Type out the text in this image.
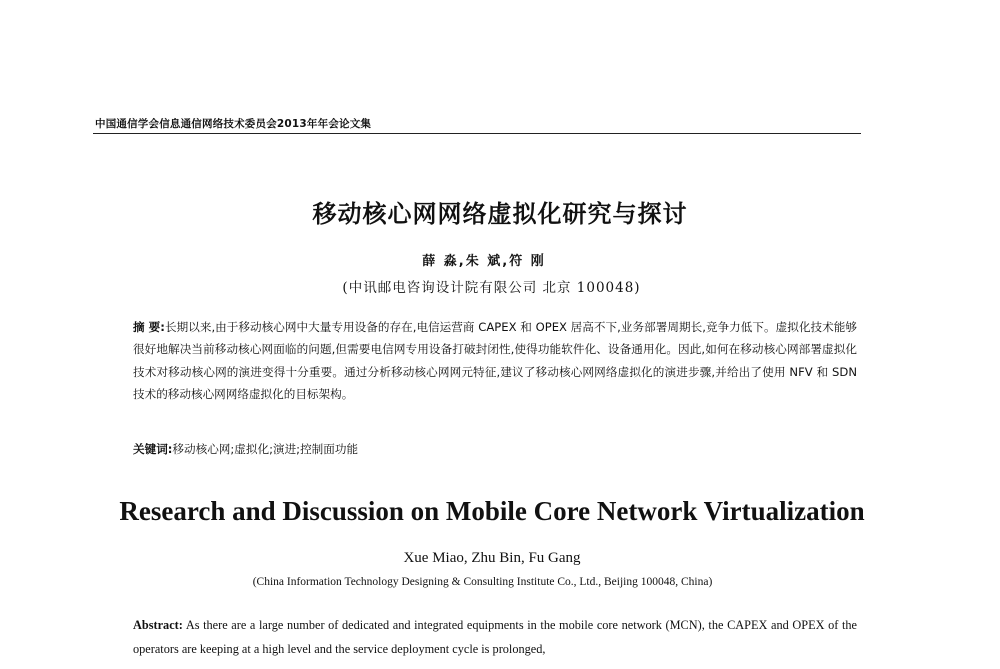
中国通信学会信息通信网络技术委员会2013年年会论文集
移动核心网网络虚拟化研究与探讨
薛 淼,朱 斌,符 刚
(中讯邮电咨询设计院有限公司 北京 100048)
摘 要:长期以来,由于移动核心网中大量专用设备的存在,电信运营商 CAPEX 和 OPEX 居高不下,业务部署周期长,竞争力低下。虚拟化技术能够很好地解决当前移动核心网面临的问题,但需要电信网专用设备打破封闭性,使得功能软件化、设备通用化。因此,如何在移动核心网部署虚拟化技术对移动核心网的演进变得十分重要。通过分析移动核心网网元特征,建议了移动核心网网络虚拟化的演进步骤,并给出了使用 NFV 和 SDN 技术的移动核心网网络虚拟化的目标架构。
关键词:移动核心网;虚拟化;演进;控制面功能
Research and Discussion on Mobile Core Network Virtualization
Xue Miao, Zhu Bin, Fu Gang
(China Information Technology Designing & Consulting Institute Co., Ltd., Beijing 100048, China)
Abstract: As there are a large number of dedicated and integrated equipments in the mobile core network (MCN), the CAPEX and OPEX of the operators are keeping at a high level and the service deployment cycle is prolonged,
